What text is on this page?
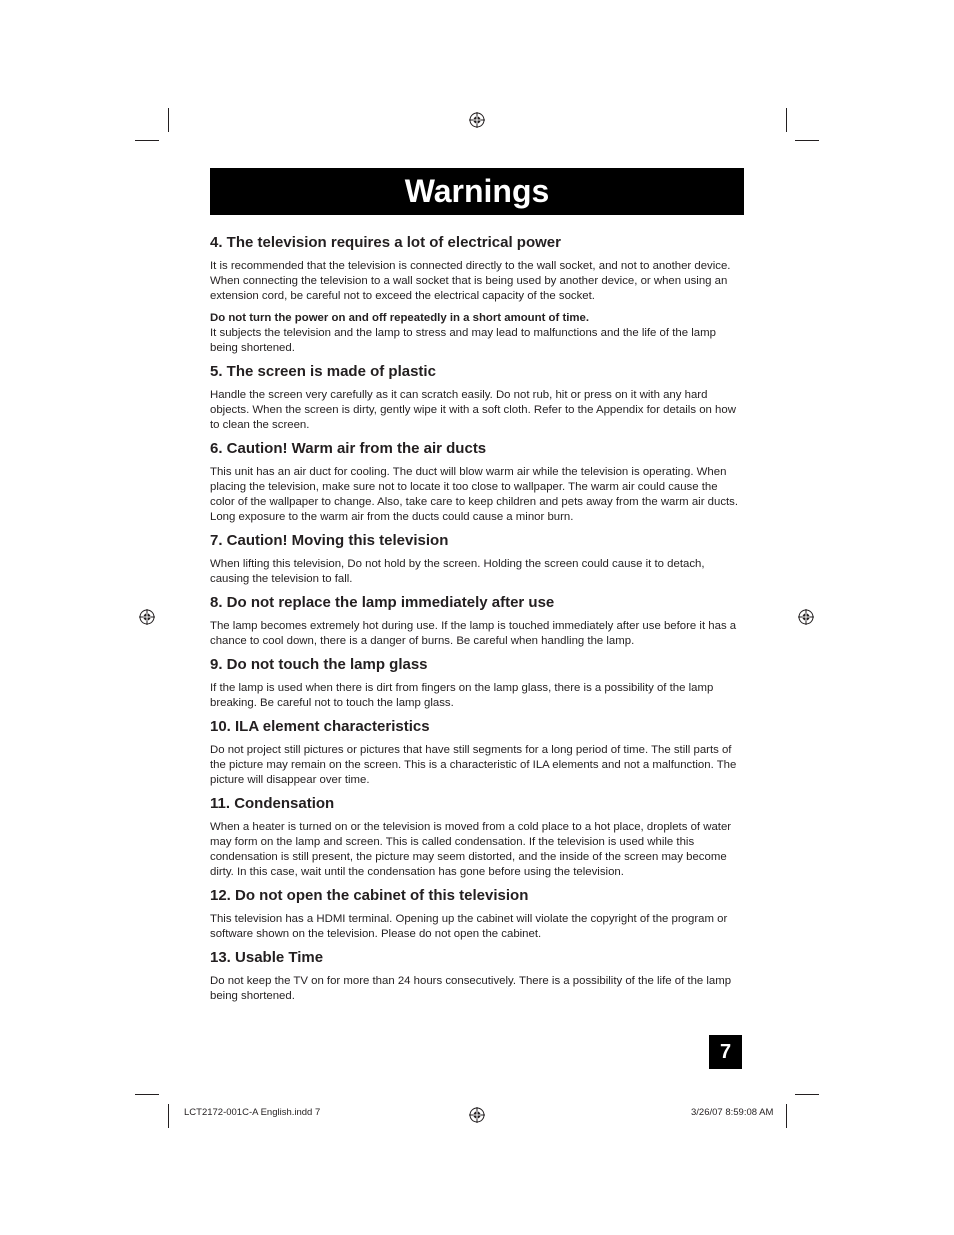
Warnings
4. The television requires a lot of electrical power

It is recommended that the television is connected directly to the wall socket, and not to another device. When connecting the television to a wall socket that is being used by another device, or when using an extension cord, be careful not to exceed the electrical capacity of the socket.

Do not turn the power on and off repeatedly in a short amount of time.
It subjects the television and the lamp to stress and may lead to malfunctions and the life of the lamp being shortened.

5. The screen is made of plastic

Handle the screen very carefully as it can scratch easily. Do not rub, hit or press on it with any hard objects. When the screen is dirty, gently wipe it with a soft cloth. Refer to the Appendix for details on how to clean the screen.

6. Caution! Warm air from the air ducts

This unit has an air duct for cooling. The duct will blow warm air while the television is operating. When placing the television, make sure not to locate it too close to wallpaper. The warm air could cause the color of the wallpaper to change. Also, take care to keep children and pets away from the warm air ducts. Long exposure to the warm air from the ducts could cause a minor burn.

7. Caution! Moving this television

When lifting this television, Do not hold by the screen. Holding the screen could cause it to detach, causing the television to fall.

8. Do not replace the lamp immediately after use

The lamp becomes extremely hot during use. If the lamp is touched immediately after use before it has a chance to cool down, there is a danger of burns. Be careful when handling the lamp.

9. Do not touch the lamp glass

If the lamp is used when there is dirt from fingers on the lamp glass, there is a possibility of the lamp breaking. Be careful not to touch the lamp glass.

10. ILA element characteristics

Do not project still pictures or pictures that have still segments for a long period of time. The still parts of the picture may remain on the screen. This is a characteristic of ILA elements and not a malfunction. The picture will disappear over time.

11. Condensation

When a heater is turned on or the television is moved from a cold place to a hot place, droplets of water may form on the lamp and screen. This is called condensation. If the television is used while this condensation is still present, the picture may seem distorted, and the inside of the screen may become dirty. In this case, wait until the condensation has gone before using the television.

12. Do not open the cabinet of this television

This television has a HDMI terminal. Opening up the cabinet will violate the copyright of the program or software shown on the television. Please do not open the cabinet.

13. Usable Time

Do not keep the TV on for more than 24 hours consecutively. There is a possibility of the life of the lamp being shortened.

7
LCT2172-001C-A English.indd 7	3/26/07 8:59:08 AM
